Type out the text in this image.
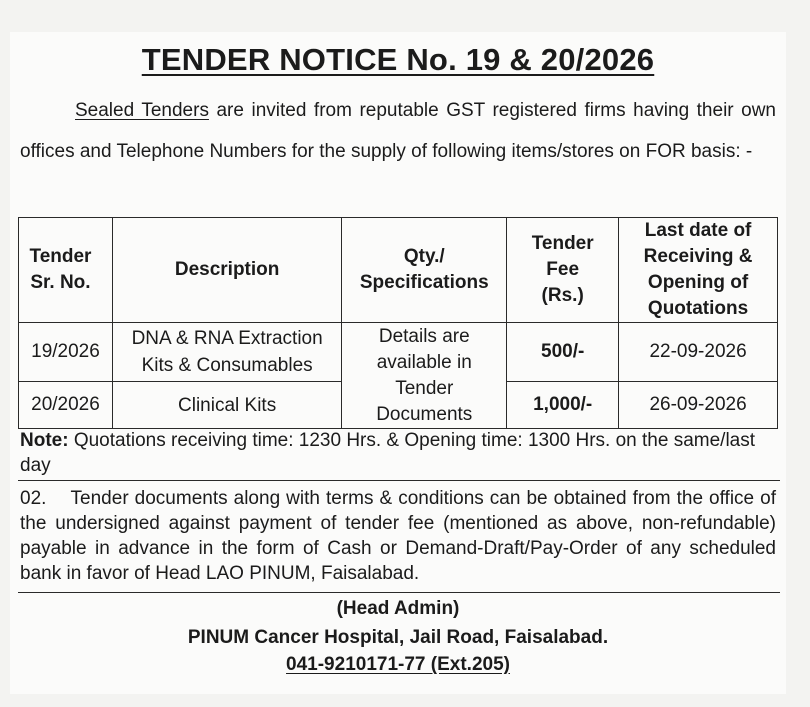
TENDER NOTICE No. 19 & 20/2026
Sealed Tenders are invited from reputable GST registered firms having their own offices and Telephone Numbers for the supply of following items/stores on FOR basis: -
Tender Sr. No.	Description	Qty./ Specifications	Tender Fee (Rs.)	Last date of Receiving & Opening of Quotations
19/2026	DNA & RNA Extraction Kits & Consumables	Details are available in Tender Documents	500/-	22-09-2026
20/2026	Clinical Kits		1,000/-	26-09-2026
Note: Quotations receiving time: 1230 Hrs. & Opening time: 1300 Hrs. on the same/last day
02. Tender documents along with terms & conditions can be obtained from the office of the undersigned against payment of tender fee (mentioned as above, non-refundable) payable in advance in the form of Cash or Demand-Draft/Pay-Order of any scheduled bank in favor of Head LAO PINUM, Faisalabad.
(Head Admin)
PINUM Cancer Hospital, Jail Road, Faisalabad.
041-9210171-77 (Ext.205)
